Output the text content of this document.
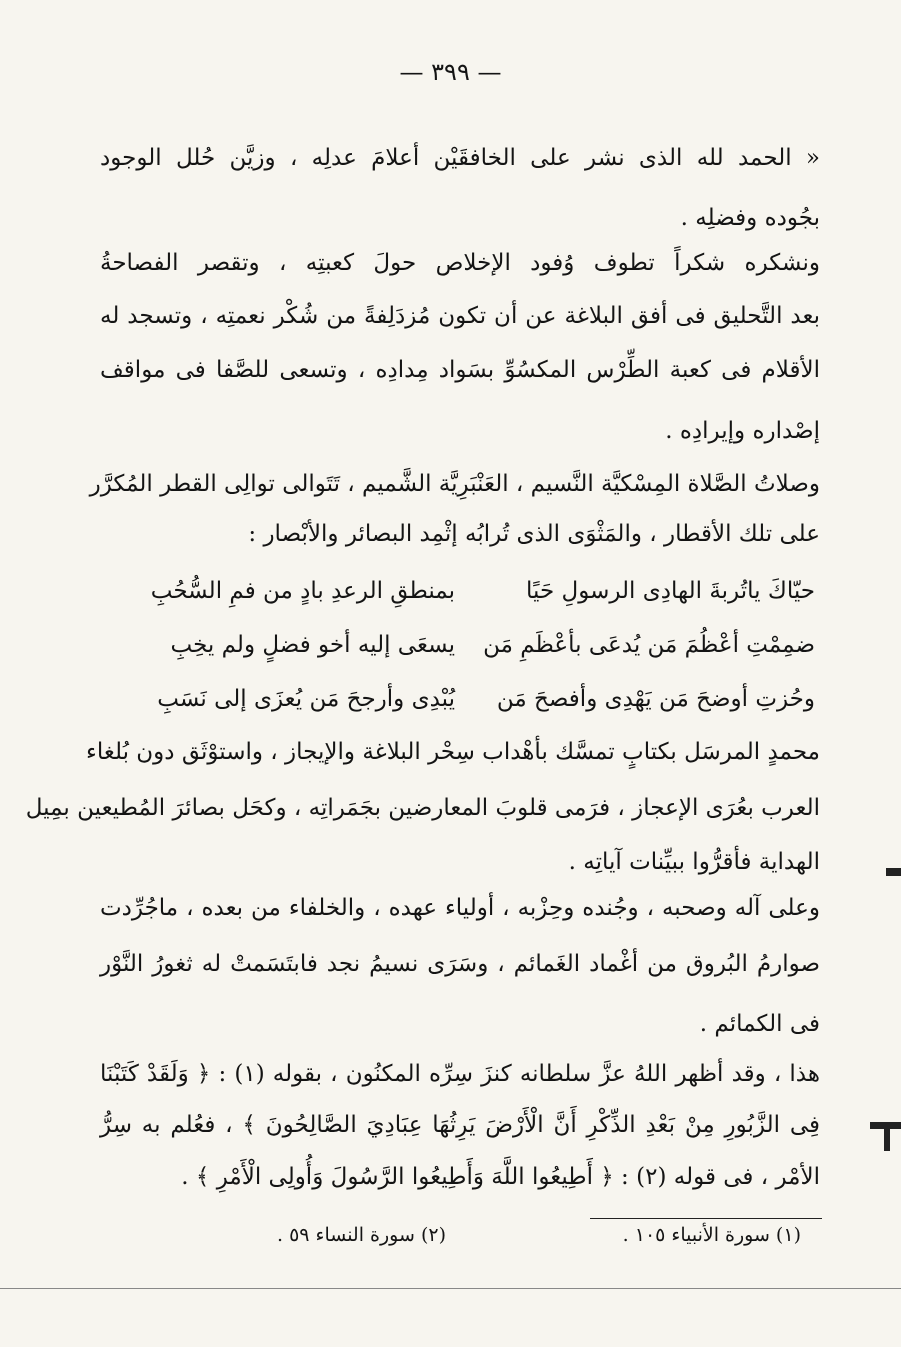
— ٣٩٩ —
« الحمد لله الذى نشر على الخافقَيْن أعلامَ عدلِه ، وزيَّن حُلل الوجود
بجُوده وفضلِه .
ونشكره شكراً تطوف وُفود الإخلاص حولَ كعبتِه ، وتقصر الفصاحةُ
بعد التَّحليق فى أفق البلاغة عن أن تكون مُزدَلِفةً من شُكْر نعمتِه ، وتسجد له
الأقلام فى كعبة الطِّرْس المكسُوِّ بسَواد مِدادِه ، وتسعى للصَّفا فى مواقف
إصْداره وإيرادِه .
وصلاتُ الصَّلاة المِسْكيَّة النَّسيم ، العَنْبَرِيَّة الشَّميم ، تَتَوالى توالِى القطر المُكرَّر
على تلك الأقطار ، والمَثْوَى الذى تُرابُه إثْمِد البصائر والأبْصار :
حيّاكَ ياتُربةَ الهادِى الرسولِ حَيًا
بمنطقِ الرعدِ بادٍ من فمِ السُّحُبِ
ضمِمْتِ أعْظُمَ مَن يُدعَى بأعْظَمِ مَن
يسعَى إليه أخو فضلٍ ولم يخِبِ
وحُزتِ أوضحَ مَن يَهْدِى وأفصحَ مَن
يُبْدِى وأرجحَ مَن يُعزَى إلى نَسَبِ
محمدٍ المرسَل بكتابٍ تمسَّك بأهْداب سِحْر البلاغة والإيجاز ، واستوْثَق دون بُلغاء
العرب بعُرَى الإعجاز ، فرَمى قلوبَ المعارضين بجَمَراتِه ، وكحَل بصائرَ المُطيعين بمِيل
الهداية فأقرُّوا ببيِّنات آياتِه .
وعلى آله وصحبه ، وجُنده وحِزْبه ، أولياء عهده ، والخلفاء من بعده ، ماجُرِّدت
صوارمُ البُروق من أغْماد الغَمائم ، وسَرَى نسيمُ نجد فابتَسَمتْ له ثغورُ النَّوْر
فى الكمائم .
هذا ، وقد أظهر اللهُ عزَّ سلطانه كنزَ سِرِّه المكنُون ، بقوله (١) : ﴿ وَلَقَدْ كَتَبْنَا
فِى الزَّبُورِ مِنْ بَعْدِ الذِّكْرِ أَنَّ الْأَرْضَ يَرِثُهَا عِبَادِيَ الصَّالِحُونَ ﴾ ، فعُلم به سِرُّ
الأمْر ، فى قوله (٢) : ﴿ أَطِيعُوا اللَّهَ وَأَطِيعُوا الرَّسُولَ وَأُولِى الْأَمْرِ ﴾ .
(١) سورة الأنبياء ١٠٥ .
(٢) سورة النساء ٥٩ .
